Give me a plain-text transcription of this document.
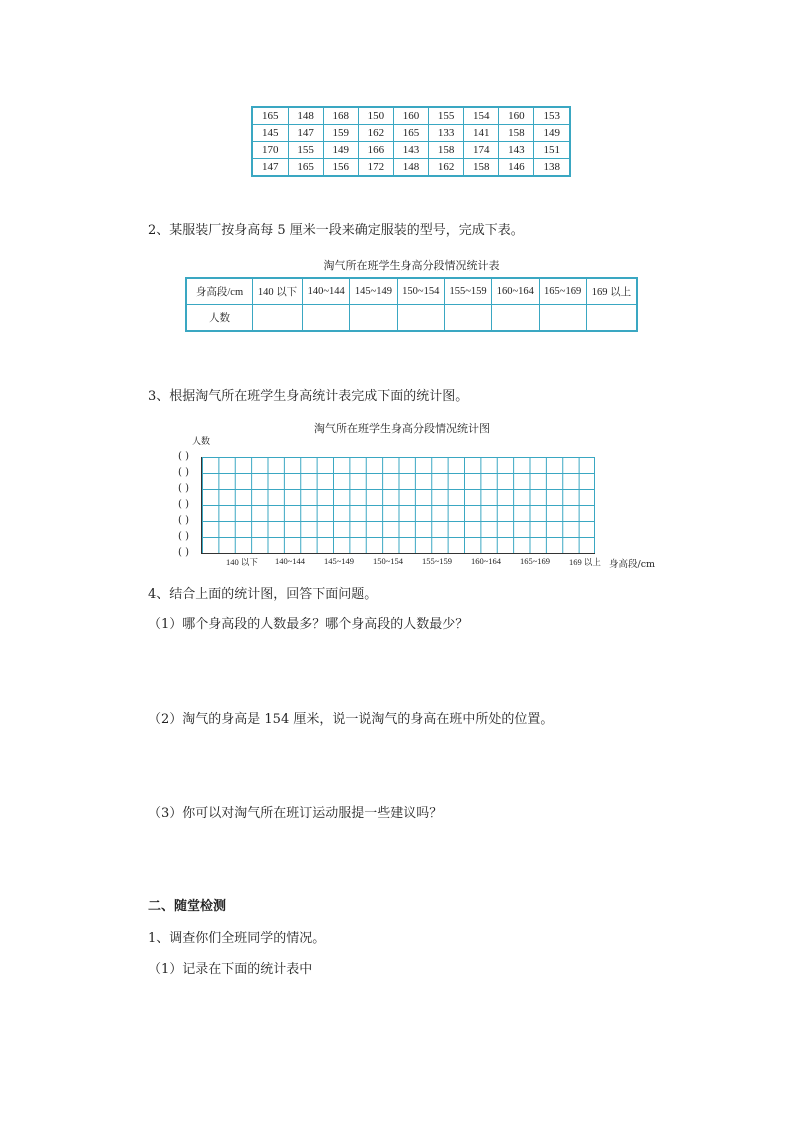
165	148	168	150	160	155	154	160	153
145	147	159	162	165	133	141	158	149
170	155	149	166	143	158	174	143	151
147	165	156	172	148	162	158	146	138
2、某服装厂按身高每 5 厘米一段来确定服装的型号，完成下表。
淘气所在班学生身高分段情况统计表
身高段/cm	140 以下	140~144	145~149	150~154	155~159	160~164	165~169	169 以上
人数								
3、根据淘气所在班学生身高统计表完成下面的统计图。
淘气所在班学生身高分段情况统计图
人数
( )
( )
( )
( )
( )
( )
( )
140 以下	140~144	145~149	150~154	155~159	160~164	165~169	169 以上 身高段/cm
4、结合上面的统计图，回答下面问题。
（1）哪个身高段的人数最多？哪个身高段的人数最少？
（2）淘气的身高是 154 厘米，说一说淘气的身高在班中所处的位置。
（3）你可以对淘气所在班订运动服提一些建议吗？
二、随堂检测
1、调查你们全班同学的情况。
（1）记录在下面的统计表中
